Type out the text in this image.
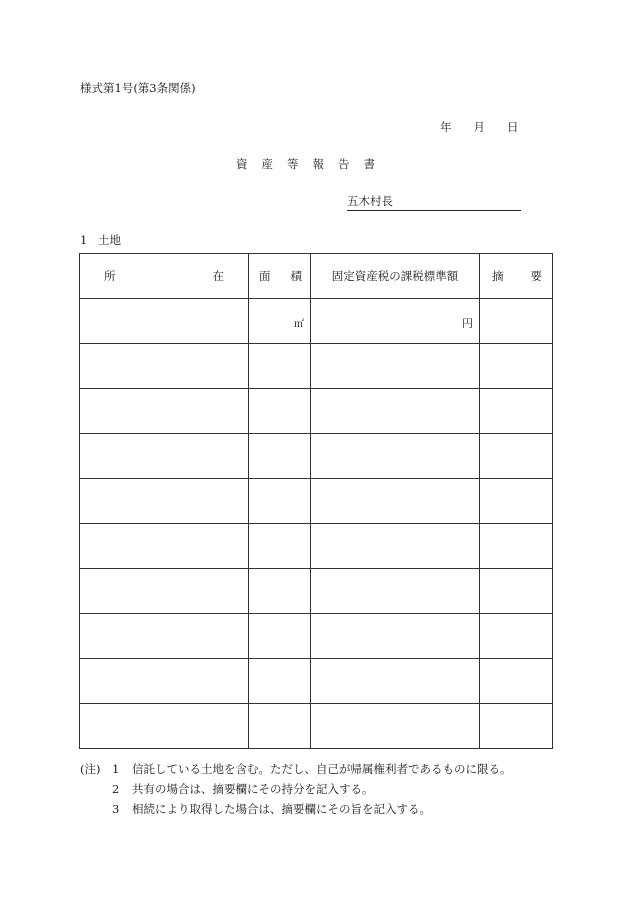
様式第1号(第3条関係)
年 月 日
資産等報告書
五木村長
1 土地
所 在	面 積	固定資産税の課税標準額	摘 要

	㎡	円	

(注)	1	信託している土地を含む。ただし、自己が帰属権利者であるものに限る。
2	共有の場合は、摘要欄にその持分を記入する。
3	相続により取得した場合は、摘要欄にその旨を記入する。
